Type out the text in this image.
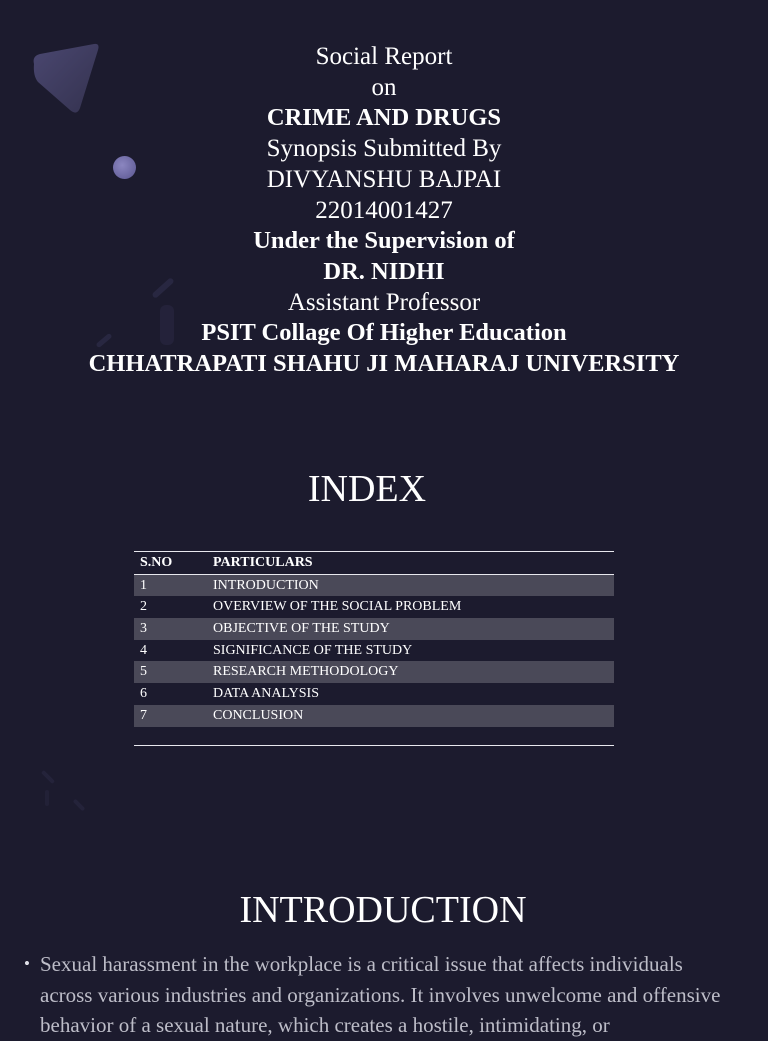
Social Report
on
CRIME AND DRUGS
Synopsis Submitted By
DIVYANSHU BAJPAI
22014001427
Under the Supervision of
DR. NIDHI
Assistant Professor
PSIT Collage Of Higher Education
CHHATRAPATI SHAHU JI MAHARAJ UNIVERSITY
INDEX
S.NO	PARTICULARS
1	INTRODUCTION
2	OVERVIEW OF THE SOCIAL PROBLEM
3	OBJECTIVE OF THE STUDY
4	SIGNIFICANCE OF THE STUDY
5	RESEARCH METHODOLOGY
6	DATA ANALYSIS
7	CONCLUSION
INTRODUCTION
• Sexual harassment in the workplace is a critical issue that affects individuals across various industries and organizations. It involves unwelcome and offensive behavior of a sexual nature, which creates a hostile, intimidating, or
